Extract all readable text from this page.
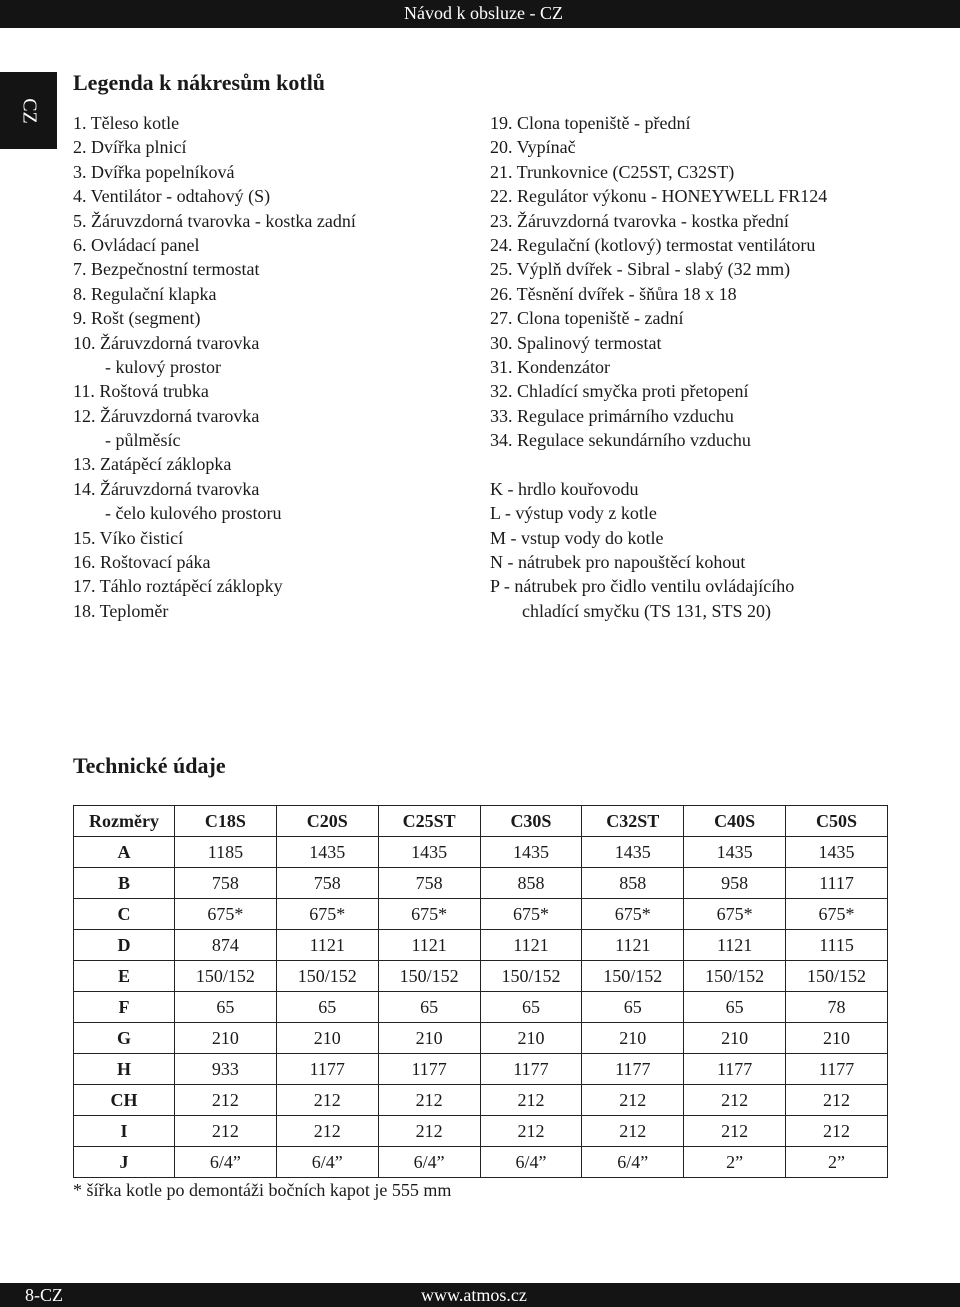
Návod k obsluze - CZ
CZ
Legenda k nákresům kotlů
1. Těleso kotle
2. Dvířka plnicí
3. Dvířka popelníková
4. Ventilátor - odtahový (S)
5. Žáruvzdorná tvarovka - kostka zadní
6. Ovládací panel
7. Bezpečnostní termostat
8. Regulační klapka
9. Rošt (segment)
10. Žáruvzdorná tvarovka
- kulový prostor
11. Roštová trubka
12. Žáruvzdorná tvarovka
- půlměsíc
13. Zatápěcí záklopka
14. Žáruvzdorná tvarovka
- čelo kulového prostoru
15. Víko čisticí
16. Roštovací páka
17. Táhlo roztápěcí záklopky
18. Teploměr
19. Clona topeniště - přední
20. Vypínač
21. Trunkovnice (C25ST, C32ST)
22. Regulátor výkonu - HONEYWELL FR124
23. Žáruvzdorná tvarovka - kostka přední
24. Regulační (kotlový) termostat ventilátoru
25. Výplň dvířek - Sibral - slabý (32 mm)
26. Těsnění dvířek - šňůra 18 x 18
27. Clona topeniště - zadní
30. Spalinový termostat
31. Kondenzátor
32. Chladící smyčka proti přetopení
33. Regulace primárního vzduchu
34. Regulace sekundárního vzduchu
K - hrdlo kouřovodu
L - výstup vody z kotle
M - vstup vody do kotle
N - nátrubek pro napouštěcí kohout
P - nátrubek pro čidlo ventilu ovládajícího
chladící smyčku (TS 131, STS 20)
Technické údaje
Rozměry	C18S	C20S	C25ST	C30S	C32ST	C40S	C50S
A	1185	1435	1435	1435	1435	1435	1435
B	758	758	758	858	858	958	1117
C	675*	675*	675*	675*	675*	675*	675*
D	874	1121	1121	1121	1121	1121	1115
E	150/152	150/152	150/152	150/152	150/152	150/152	150/152
F	65	65	65	65	65	65	78
G	210	210	210	210	210	210	210
H	933	1177	1177	1177	1177	1177	1177
CH	212	212	212	212	212	212	212
I	212	212	212	212	212	212	212
J	6/4”	6/4”	6/4”	6/4”	6/4”	2”	2”
* šířka kotle po demontáži bočních kapot je 555 mm
8-CZ	www.atmos.cz
